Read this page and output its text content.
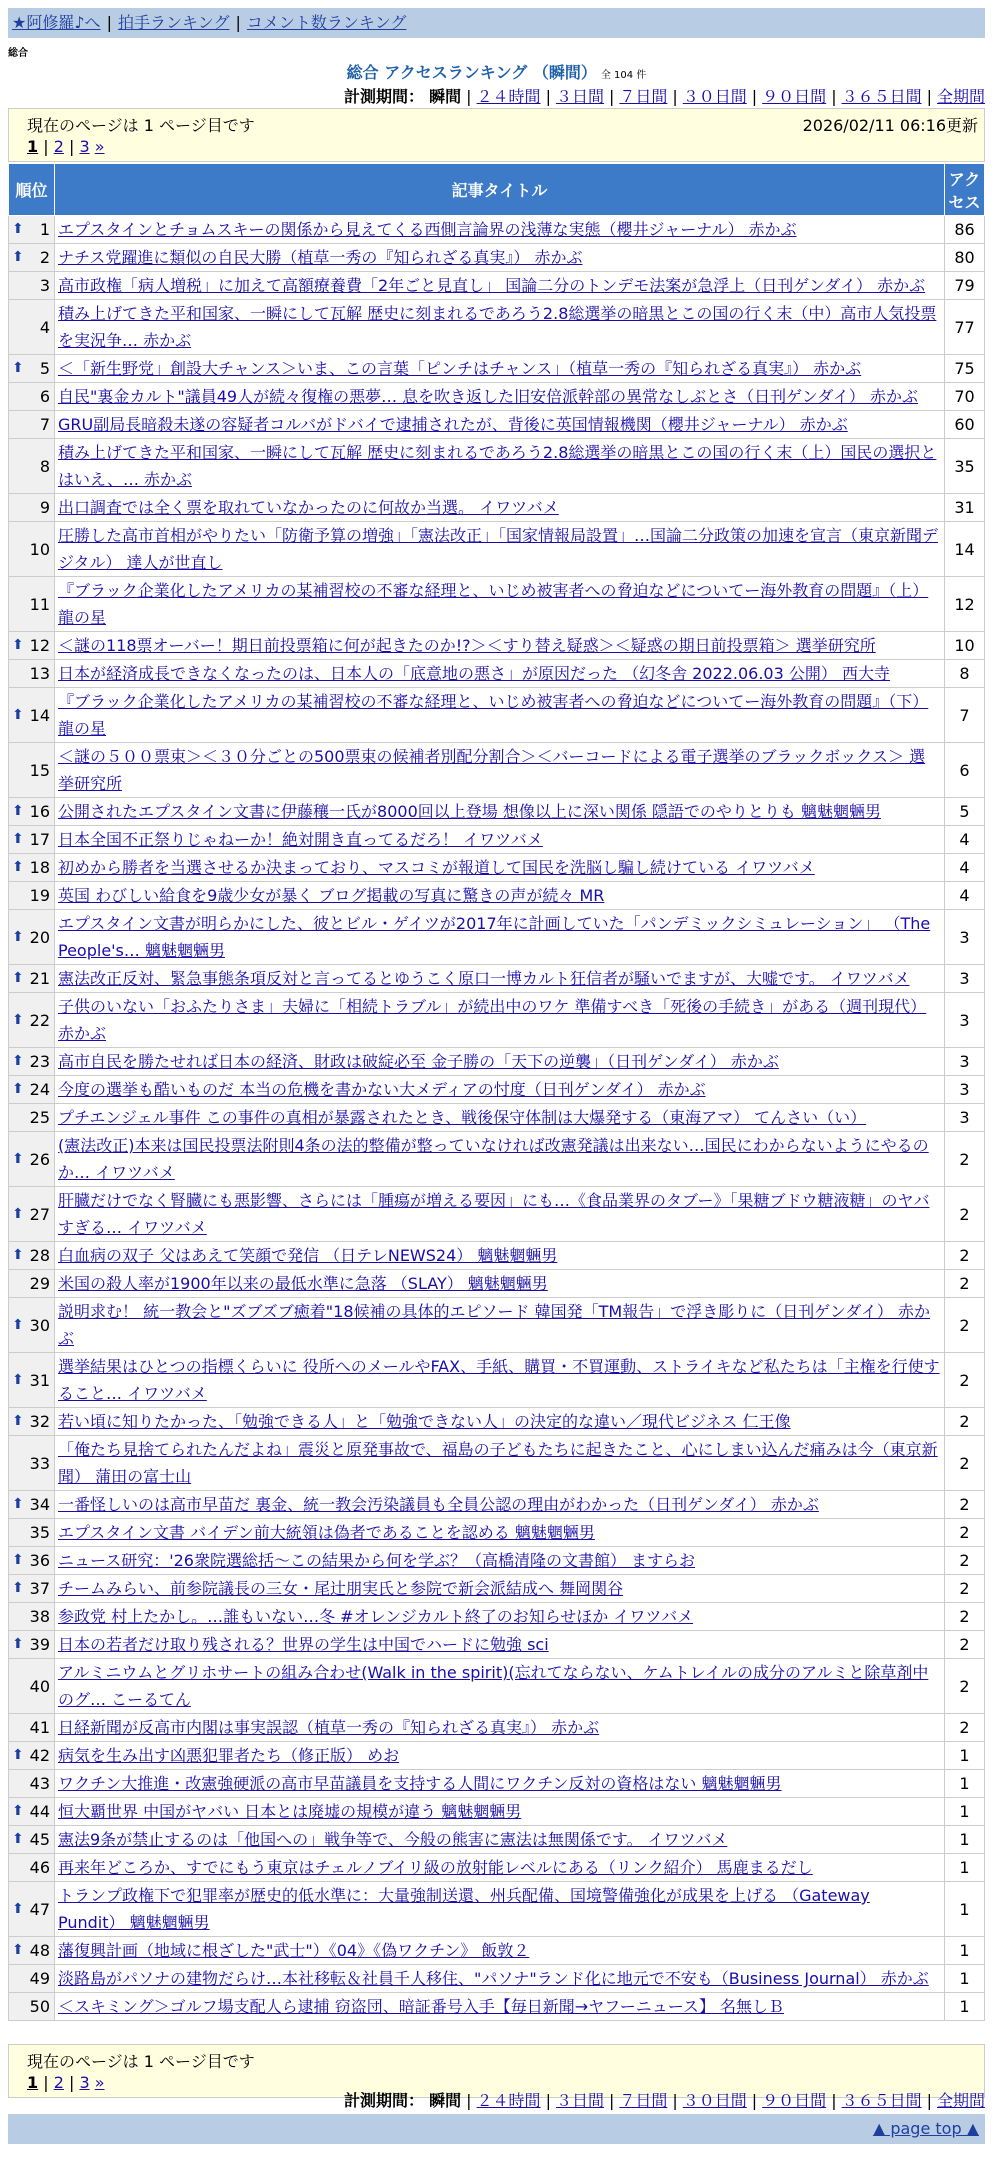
★阿修羅♪へ | 拍手ランキング | コメント数ランキング
総合
総合 アクセスランキング （瞬間） 全 104 件
計測期間： 瞬間 | ２４時間 | ３日間 | ７日間 | ３０日間 | ９０日間 | ３６５日間 | 全期間
現在のページは 1 ページ目です	2026/02/11 06:16更新
1 | 2 | 3 »
順位	記事タイトル	アクセス

⬆ 1	エプスタインとチョムスキーの関係から見えてくる西側言論界の浅薄な実態（櫻井ジャーナル） 赤かぶ	86

⬆ 2	ナチス党躍進に類似の自民大勝（植草一秀の『知られざる真実』） 赤かぶ	80
3	高市政権「病人増税」に加えて高額療養費「2年ごと見直し」 国論二分のトンデモ法案が急浮上（日刊ゲンダイ） 赤かぶ	79
4	積み上げてきた平和国家、一瞬にして瓦解 歴史に刻まれるであろう2.8総選挙の暗黒とこの国の行く末（中）高市人気投票を実況争… 赤かぶ	77

⬆ 5	＜「新生野党」創設大チャンス＞いま、この言葉「ピンチはチャンス」（植草一秀の『知られざる真実』） 赤かぶ	75
6	自民"裏金カルト"議員49人が続々復権の悪夢… 息を吹き返した旧安倍派幹部の異常なしぶとさ（日刊ゲンダイ） 赤かぶ	70
7	GRU副局長暗殺未遂の容疑者コルバがドバイで逮捕されたが、背後に英国情報機関（櫻井ジャーナル） 赤かぶ	60
8	積み上げてきた平和国家、一瞬にして瓦解 歴史に刻まれるであろう2.8総選挙の暗黒とこの国の行く末（上）国民の選択とはいえ、… 赤かぶ	35
9	出口調査では全く票を取れていなかったのに何故か当選。 イワツバメ	31
10	圧勝した高市首相がやりたい「防衛予算の増強」「憲法改正」「国家情報局設置」…国論二分政策の加速を宣言（東京新聞デジタル） 達人が世直し	14
11	『ブラック企業化したアメリカの某補習校の不審な経理と、いじめ被害者への脅迫などについてー海外教育の問題』（上） 龍の星	12

⬆ 12	＜謎の118票オーバー！期日前投票箱に何が起きたのか!?＞＜すり替え疑惑＞＜疑惑の期日前投票箱＞ 選挙研究所	10
13	日本が経済成長できなくなったのは、日本人の「底意地の悪さ」が原因だった （幻冬舎 2022.06.03 公開） 西大寺	8

⬆ 14	『ブラック企業化したアメリカの某補習校の不審な経理と、いじめ被害者への脅迫などについてー海外教育の問題』（下） 龍の星	7
15	＜謎の５００票束＞＜３０分ごとの500票束の候補者別配分割合＞＜バーコードによる電子選挙のブラックボックス＞ 選挙研究所	6

⬆ 16	公開されたエプスタイン文書に伊藤穰一氏が8000回以上登場 想像以上に深い関係 隠語でのやりとりも 魑魅魍魎男	5

⬆ 17	日本全国不正祭りじゃねーか！絶対開き直ってるだろ！ イワツバメ	4

⬆ 18	初めから勝者を当選させるか決まっており、マスコミが報道して国民を洗脳し騙し続けている イワツバメ	4
19	英国 わびしい給食を9歳少女が暴く ブログ掲載の写真に驚きの声が続々 MR	4

⬆ 20	エプスタイン文書が明らかにした、彼とビル・ゲイツが2017年に計画していた「パンデミックシミュレーション」 （The People's… 魑魅魍魎男	3

⬆ 21	憲法改正反対、緊急事態条項反対と言ってるとゆうこく原口一博カルト狂信者が騒いでますが、大嘘です。 イワツバメ	3

⬆ 22	子供のいない「おふたりさま」夫婦に「相続トラブル」が続出中のワケ 準備すべき「死後の手続き」がある（週刊現代） 赤かぶ	3

⬆ 23	高市自民を勝たせれば日本の経済、財政は破綻必至 金子勝の「天下の逆襲」（日刊ゲンダイ） 赤かぶ	3

⬆ 24	今度の選挙も酷いものだ 本当の危機を書かない大メディアの忖度（日刊ゲンダイ） 赤かぶ	3
25	プチエンジェル事件 この事件の真相が暴露されたとき、戦後保守体制は大爆発する（東海アマ） てんさい（い）	3

⬆ 26	(憲法改正)本来は国民投票法附則4条の法的整備が整っていなければ改憲発議は出来ない…国民にわからないようにやるのか… イワツバメ	2

⬆ 27	肝臓だけでなく腎臓にも悪影響、さらには「腫瘍が増える要因」にも…《食品業界のタブー》「果糖ブドウ糖液糖」のヤバすぎる… イワツバメ	2

⬆ 28	白血病の双子 父はあえて笑顔で発信 （日テレNEWS24） 魑魅魍魎男	2
29	米国の殺人率が1900年以来の最低水準に急落 （SLAY） 魑魅魍魎男	2

⬆ 30	説明求む！ 統一教会と"ズブズブ癒着"18候補の具体的エピソード 韓国発「TM報告」で浮き彫りに（日刊ゲンダイ） 赤かぶ	2

⬆ 31	選挙結果はひとつの指標くらいに 役所へのメールやFAX、手紙、購買・不買運動、ストライキなど私たちは「主権を行使すること… イワツバメ	2

⬆ 32	若い頃に知りたかった、「勉強できる人」と「勉強できない人」の決定的な違い／現代ビジネス 仁王像	2
33	「俺たち見捨てられたんだよね」震災と原発事故で、福島の子どもたちに起きたこと、心にしまい込んだ痛みは今（東京新聞） 蒲田の富士山	2

⬆ 34	一番怪しいのは高市早苗だ 裏金、統一教会汚染議員も全員公認の理由がわかった（日刊ゲンダイ） 赤かぶ	2
35	エプスタイン文書 バイデン前大統領は偽者であることを認める 魑魅魍魎男	2

⬆ 36	ニュース研究：'26衆院選総括～この結果から何を学ぶ？（高橋清隆の文書館） ますらお	2

⬆ 37	チームみらい、前参院議長の三女・尾辻朋実氏と参院で新会派結成へ 舞岡関谷	2
38	参政党 村上たかし。…誰もいない…冬 #オレンジカルト終了のお知らせほか イワツバメ	2

⬆ 39	日本の若者だけ取り残される？世界の学生は中国でハードに勉強 sci	2
40	アルミニウムとグリホサートの組み合わせ(Walk in the spirit)(忘れてならない、ケムトレイルの成分のアルミと除草剤中のグ… こーるてん	2
41	日経新聞が反高市内閣は事実誤認（植草一秀の『知られざる真実』） 赤かぶ	2

⬆ 42	病気を生み出す凶悪犯罪者たち（修正版） めお	1
43	ワクチン大推進・改憲強硬派の高市早苗議員を支持する人間にワクチン反対の資格はない 魑魅魍魎男	1

⬆ 44	恒大覇世界 中国がヤバい 日本とは廃墟の規模が違う 魑魅魍魎男	1

⬆ 45	憲法9条が禁止するのは「他国への」戦争等で、今般の熊害に憲法は無関係です。 イワツバメ	1
46	再来年どころか、すでにもう東京はチェルノブイリ級の放射能レベルにある（リンク紹介） 馬鹿まるだし	1

⬆ 47	トランプ政権下で犯罪率が歴史的低水準に：大量強制送還、州兵配備、国境警備強化が成果を上げる （Gateway Pundit） 魑魅魍魎男	1

⬆ 48	藩復興計画（地域に根ざした"武士"）《04》《偽ワクチン》 飯敦２	1
49	淡路島がパソナの建物だらけ…本社移転＆社員千人移住、"パソナ"ランド化に地元で不安も（Business Journal） 赤かぶ	1
50	＜スキミング＞ゴルフ場支配人ら逮捕 窃盗団、暗証番号入手【毎日新聞→ヤフーニュース】 名無しＢ	1
現在のページは 1 ページ目です
1 | 2 | 3 »
計測期間： 瞬間 | ２４時間 | ３日間 | ７日間 | ３０日間 | ９０日間 | ３６５日間 | 全期間
▲ page top ▲
